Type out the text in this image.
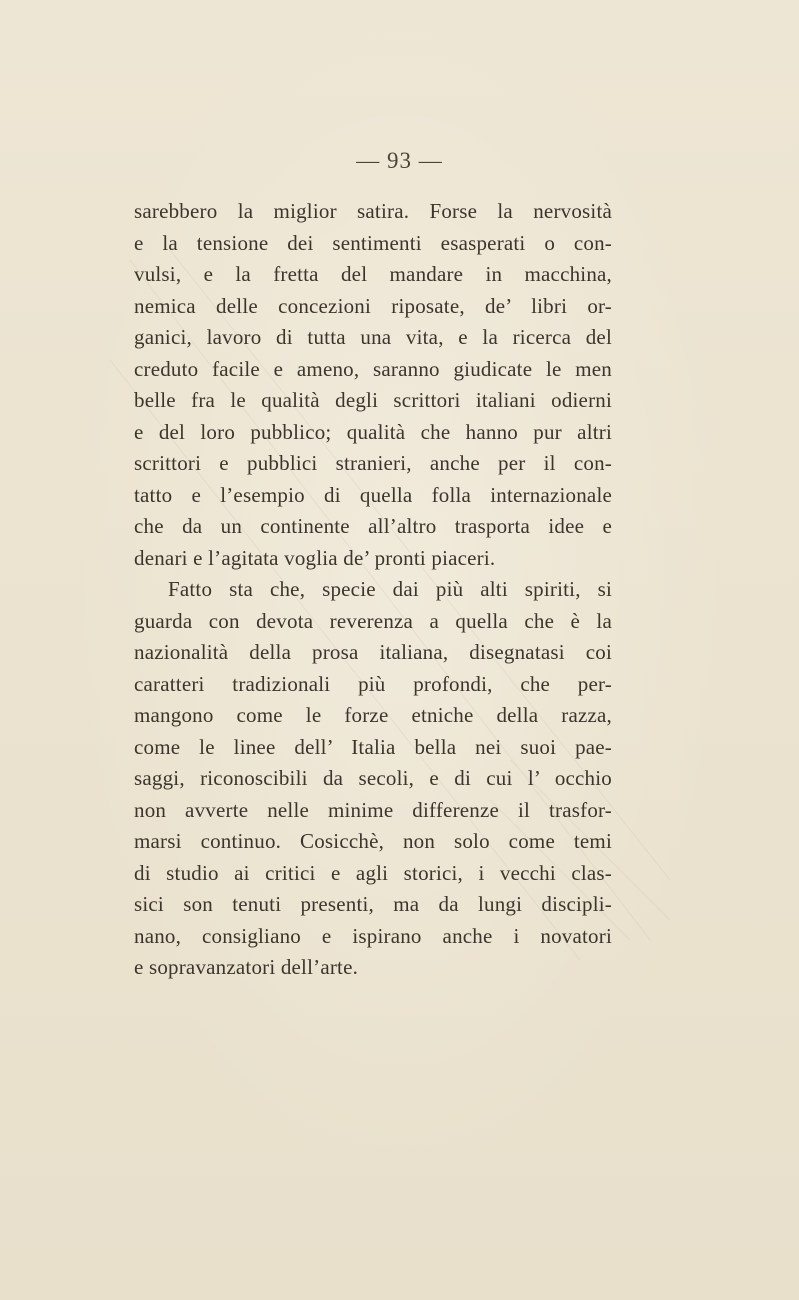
— 93 —
sarebbero la miglior satira. Forse la nervosità
e la tensione dei sentimenti esasperati o con-
vulsi, e la fretta del mandare in macchina,
nemica delle concezioni riposate, de’ libri or-
ganici, lavoro di tutta una vita, e la ricerca del
creduto facile e ameno, saranno giudicate le men
belle fra le qualità degli scrittori italiani odierni
e del loro pubblico; qualità che hanno pur altri
scrittori e pubblici stranieri, anche per il con-
tatto e l’esempio di quella folla internazionale
che da un continente all’altro trasporta idee e
denari e l’agitata voglia de’ pronti piaceri.
Fatto sta che, specie dai più alti spiriti, si
guarda con devota reverenza a quella che è la
nazionalità della prosa italiana, disegnatasi coi
caratteri tradizionali più profondi, che per-
mangono come le forze etniche della razza,
come le linee dell’ Italia bella nei suoi pae-
saggi, riconoscibili da secoli, e di cui l’ occhio
non avverte nelle minime differenze il trasfor-
marsi continuo. Cosicchè, non solo come temi
di studio ai critici e agli storici, i vecchi clas-
sici son tenuti presenti, ma da lungi discipli-
nano, consigliano e ispirano anche i novatori
e sopravanzatori dell’arte.
